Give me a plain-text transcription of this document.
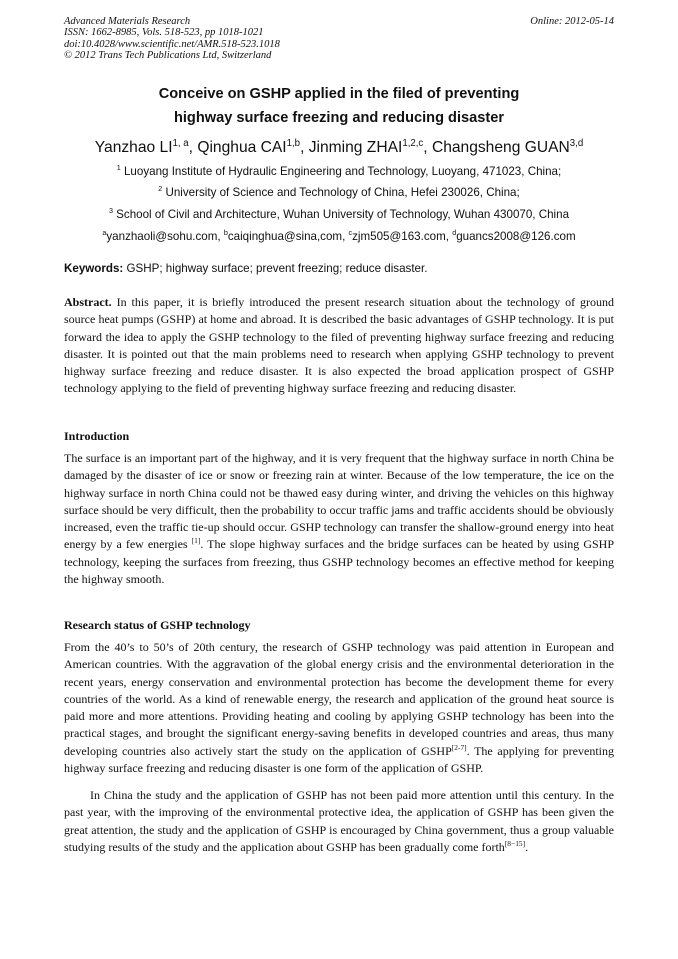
Advanced Materials Research
ISSN: 1662-8985, Vols. 518-523, pp 1018-1021
doi:10.4028/www.scientific.net/AMR.518-523.1018
© 2012 Trans Tech Publications Ltd, Switzerland
Online: 2012-05-14
Conceive on GSHP applied in the filed of preventing
highway surface freezing and reducing disaster
Yanzhao LI$^{1, a}$, Qinghua CAI$^{1,b}$, Jinming ZHAI$^{1,2,c}$, Changsheng GUAN$^{3,d}$
$^1$ Luoyang Institute of Hydraulic Engineering and Technology, Luoyang, 471023, China;
$^2$ University of Science and Technology of China, Hefei 230026, China;
$^3$ School of Civil and Architecture, Wuhan University of Technology, Wuhan 430070, China
$^a$yanzhaoli@sohu.com, $^b$caiqinghua@sina,com, $^c$zjm505@163.com, $^d$guancs2008@126.com
Keywords: GSHP; highway surface; prevent freezing; reduce disaster.

Abstract. In this paper, it is briefly introduced the present research situation about the technology of ground source heat pumps (GSHP) at home and abroad. It is described the basic advantages of GSHP technology. It is put forward the idea to apply the GSHP technology to the filed of preventing highway surface freezing and reducing disaster. It is pointed out that the main problems need to research when applying GSHP technology to prevent highway surface freezing and reduce disaster. It is also expected the broad application prospect of GSHP technology applying to the field of preventing highway surface freezing and reducing disaster.

Introduction

The surface is an important part of the highway, and it is very frequent that the highway surface in north China be damaged by the disaster of ice or snow or freezing rain at winter. Because of the low temperature, the ice on the highway surface in north China could not be thawed easy during winter, and driving the vehicles on this highway surface should be very difficult, then the probability to occur traffic jams and traffic accidents should be obviously increased, even the traffic tie-up should occur. GSHP technology can transfer the shallow-ground energy into heat energy by a few energies [1]. The slope highway surfaces and the bridge surfaces can be heated by using GSHP technology, keeping the surfaces from freezing, thus GSHP technology becomes an effective method for keeping the highway smooth.

Research status of GSHP technology

From the 40’s to 50’s of 20th century, the research of GSHP technology was paid attention in European and American countries. With the aggravation of the global energy crisis and the environmental deterioration in the recent years, energy conservation and environmental protection has become the development theme for every countries of the world. As a kind of renewable energy, the research and application of the ground heat source is paid more and more attentions. Providing heating and cooling by applying GSHP technology has been into the practical stages, and brought the significant energy-saving benefits in developed countries and areas, thus many developing countries also actively start the study on the application of GSHP[2-7]. The applying for preventing highway surface freezing and reducing disaster is one form of the application of GSHP.

In China the study and the application of GSHP has not been paid more attention until this century. In the past year, with the improving of the environmental protective idea, the application of GSHP has been given the great attention, the study and the application of GSHP is encouraged by China government, thus a group valuable studying results of the study and the application about GSHP has been gradually come forth[8−15].
